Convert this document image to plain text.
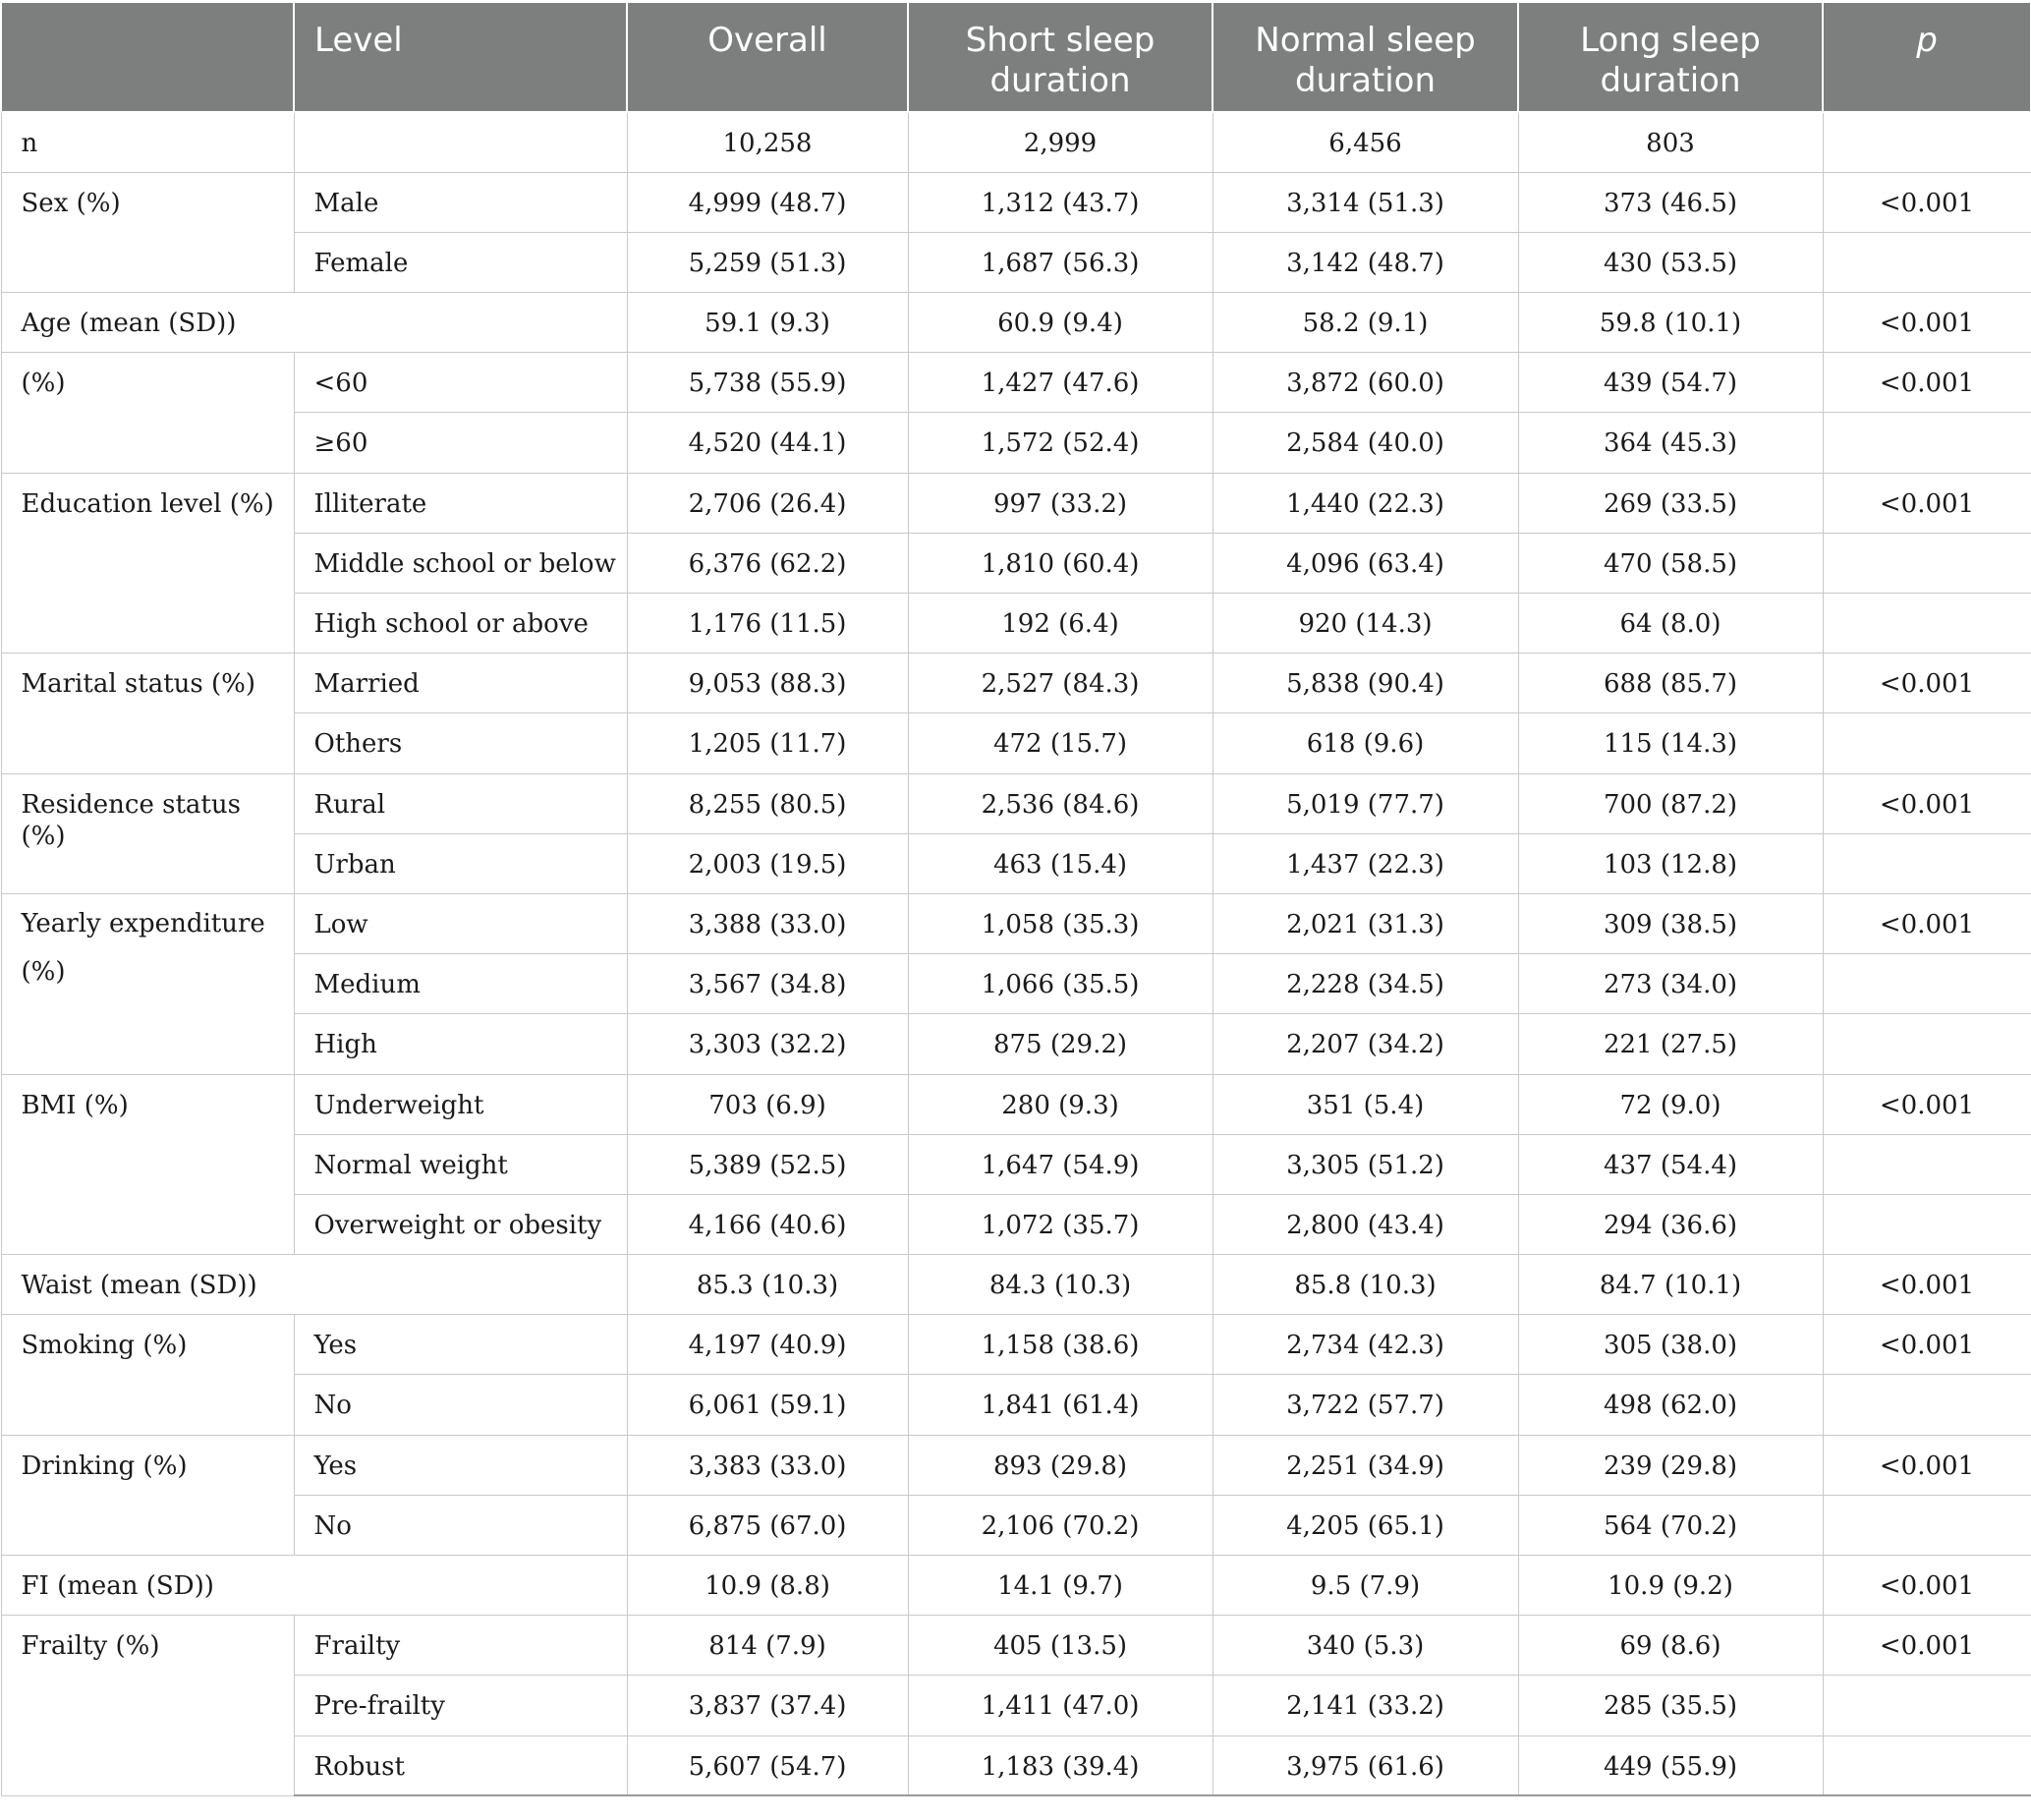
	Level	Overall	Short sleep duration	Normal sleep duration	Long sleep duration	p
n		10,258	2,999	6,456	803	
Sex (%)	Male	4,999 (48.7)	1,312 (43.7)	3,314 (51.3)	373 (46.5)	<0.001
	Female	5,259 (51.3)	1,687 (56.3)	3,142 (48.7)	430 (53.5)	
Age (mean (SD))		59.1 (9.3)	60.9 (9.4)	58.2 (9.1)	59.8 (10.1)	<0.001
(%)	<60	5,738 (55.9)	1,427 (47.6)	3,872 (60.0)	439 (54.7)	<0.001
	≥60	4,520 (44.1)	1,572 (52.4)	2,584 (40.0)	364 (45.3)	
Education level (%)	Illiterate	2,706 (26.4)	997 (33.2)	1,440 (22.3)	269 (33.5)	<0.001
	Middle school or below	6,376 (62.2)	1,810 (60.4)	4,096 (63.4)	470 (58.5)	
	High school or above	1,176 (11.5)	192 (6.4)	920 (14.3)	64 (8.0)	
Marital status (%)	Married	9,053 (88.3)	2,527 (84.3)	5,838 (90.4)	688 (85.7)	<0.001
	Others	1,205 (11.7)	472 (15.7)	618 (9.6)	115 (14.3)	
Residence status (%)	Rural	8,255 (80.5)	2,536 (84.6)	5,019 (77.7)	700 (87.2)	<0.001
	Urban	2,003 (19.5)	463 (15.4)	1,437 (22.3)	103 (12.8)	
Yearly expenditure (%)	Low	3,388 (33.0)	1,058 (35.3)	2,021 (31.3)	309 (38.5)	<0.001
	Medium	3,567 (34.8)	1,066 (35.5)	2,228 (34.5)	273 (34.0)	
	High	3,303 (32.2)	875 (29.2)	2,207 (34.2)	221 (27.5)	
BMI (%)	Underweight	703 (6.9)	280 (9.3)	351 (5.4)	72 (9.0)	<0.001
	Normal weight	5,389 (52.5)	1,647 (54.9)	3,305 (51.2)	437 (54.4)	
	Overweight or obesity	4,166 (40.6)	1,072 (35.7)	2,800 (43.4)	294 (36.6)	
Waist (mean (SD))		85.3 (10.3)	84.3 (10.3)	85.8 (10.3)	84.7 (10.1)	<0.001
Smoking (%)	Yes	4,197 (40.9)	1,158 (38.6)	2,734 (42.3)	305 (38.0)	<0.001
	No	6,061 (59.1)	1,841 (61.4)	3,722 (57.7)	498 (62.0)	
Drinking (%)	Yes	3,383 (33.0)	893 (29.8)	2,251 (34.9)	239 (29.8)	<0.001
	No	6,875 (67.0)	2,106 (70.2)	4,205 (65.1)	564 (70.2)	
FI (mean (SD))		10.9 (8.8)	14.1 (9.7)	9.5 (7.9)	10.9 (9.2)	<0.001
Frailty (%)	Frailty	814 (7.9)	405 (13.5)	340 (5.3)	69 (8.6)	<0.001
	Pre-frailty	3,837 (37.4)	1,411 (47.0)	2,141 (33.2)	285 (35.5)	
	Robust	5,607 (54.7)	1,183 (39.4)	3,975 (61.6)	449 (55.9)	
